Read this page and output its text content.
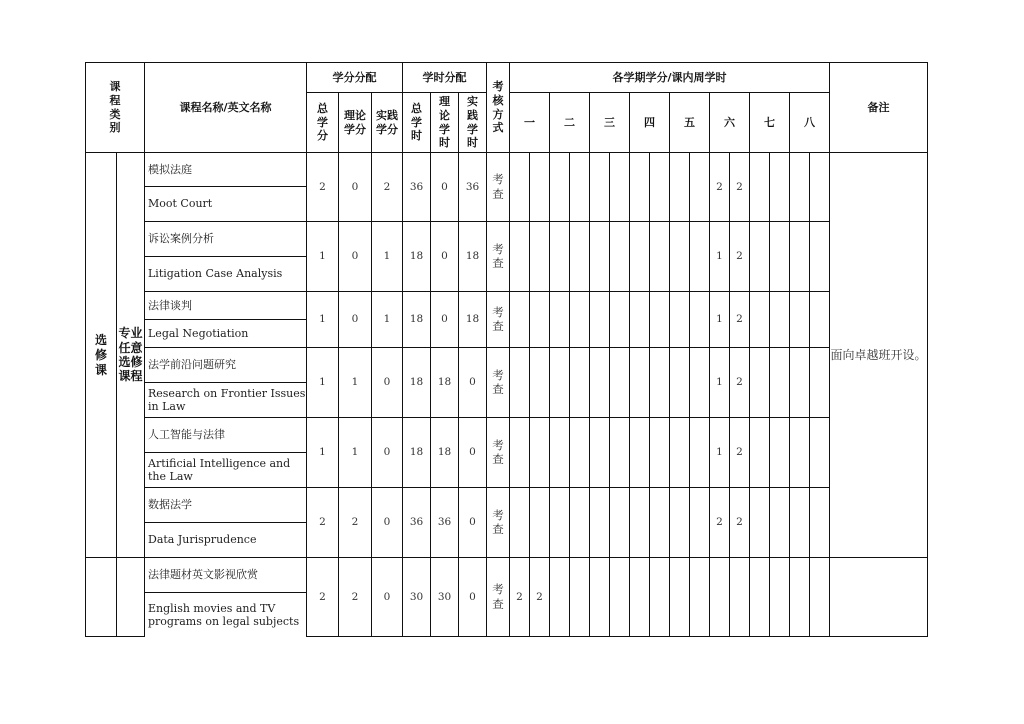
课程类别		课程名称/英文名称	学分分配			学时分配			考核方式	各学期学分/课内周学时																备注
			总学分	理论学分	实践学分	总学时	理论学时	实践学时		一		二		三		四		五		六		七		八		
选修课	专业任意选修课程	模拟法庭	2	0	2	36	0	36	考查											2	2					面向卓越班开设。
		Moot Court																								
		诉讼案例分析	1	0	1	18	0	18	考查											1	2					
		Litigation Case Analysis																								
		法律谈判	1	0	1	18	0	18	考查											1	2					
		Legal Negotiation																								
		法学前沿问题研究	1	1	0	18	18	0	考查											1	2					
		Research on Frontier Issues in Law																								
		人工智能与法律	1	1	0	18	18	0	考查											1	2					
		Artificial Intelligence and the Law																								
		数据法学	2	2	0	36	36	0	考查											2	2					
		Data Jurisprudence																								
		法律题材英文影视欣赏	2	2	0	30	30	0	考查	2	2															
		English movies and TV programs on legal subjects																								
